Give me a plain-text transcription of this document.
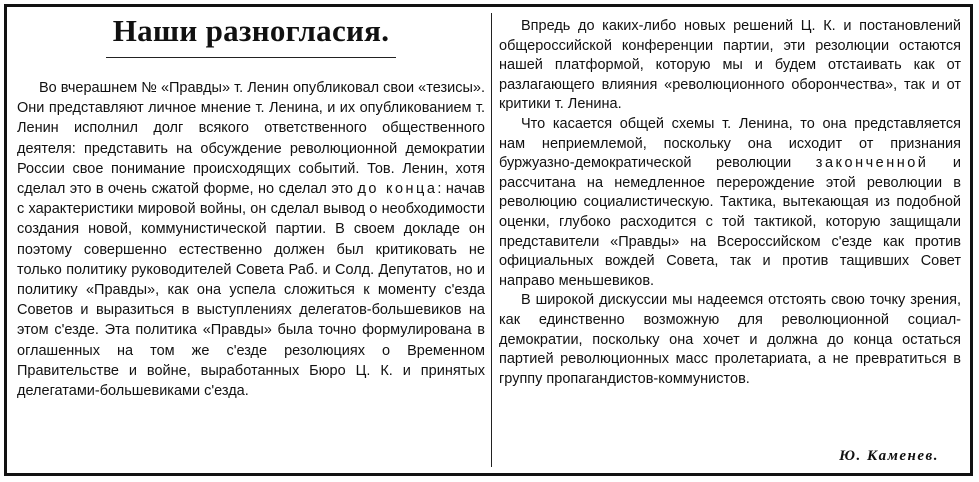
Наши разногласия.

Во вчерашнем № «Правды» т. Ленин опубликовал свои «тезисы». Они представляют личное мнение т. Ленина, и их опубликованием т. Ленин исполнил долг всякого ответственного общественного деятеля: представить на обсуждение революционной демократии России свое понимание происходящих событий. Тов. Ленин, хотя сделал это в очень сжатой форме, но сделал это до конца: начав с характеристики мировой войны, он сделал вывод о необходимости создания новой, коммунистической партии. В своем докладе он поэтому совершенно естественно должен был критиковать не только политику руководителей Совета Раб. и Солд. Депутатов, но и политику «Правды», как она успела сложиться к моменту с'езда Советов и выразиться в выступлениях делегатов-большевиков на этом с'езде. Эта политика «Правды» была точно формулирована в оглашенных на том же с'езде резолюциях о Временном Правительстве и войне, выработанных Бюро Ц. К. и принятых делегатами-большевиками с'езда.

Впредь до каких-либо новых решений Ц. К. и постановлений общероссийской конференции партии, эти резолюции остаются нашей платформой, которую мы и будем отстаивать как от разлагающего влияния «революционного оборончества», так и от критики т. Ленина.

Что касается общей схемы т. Ленина, то она представляется нам неприемлемой, поскольку она исходит от признания буржуазно-демократической революции законченной и рассчитана на немедленное перерождение этой революции в революцию социалистическую. Тактика, вытекающая из подобной оценки, глубоко расходится с той тактикой, которую защищали представители «Правды» на Всероссийском с'езде как против официальных вождей Совета, так и против тащивших Совет направо меньшевиков.

В широкой дискуссии мы надеемся отстоять свою точку зрения, как единственно возможную для революционной социал-демократии, поскольку она хочет и должна до конца остаться партией революционных масс пролетариата, а не превратиться в группу пропагандистов-коммунистов.

Ю. Каменев.
